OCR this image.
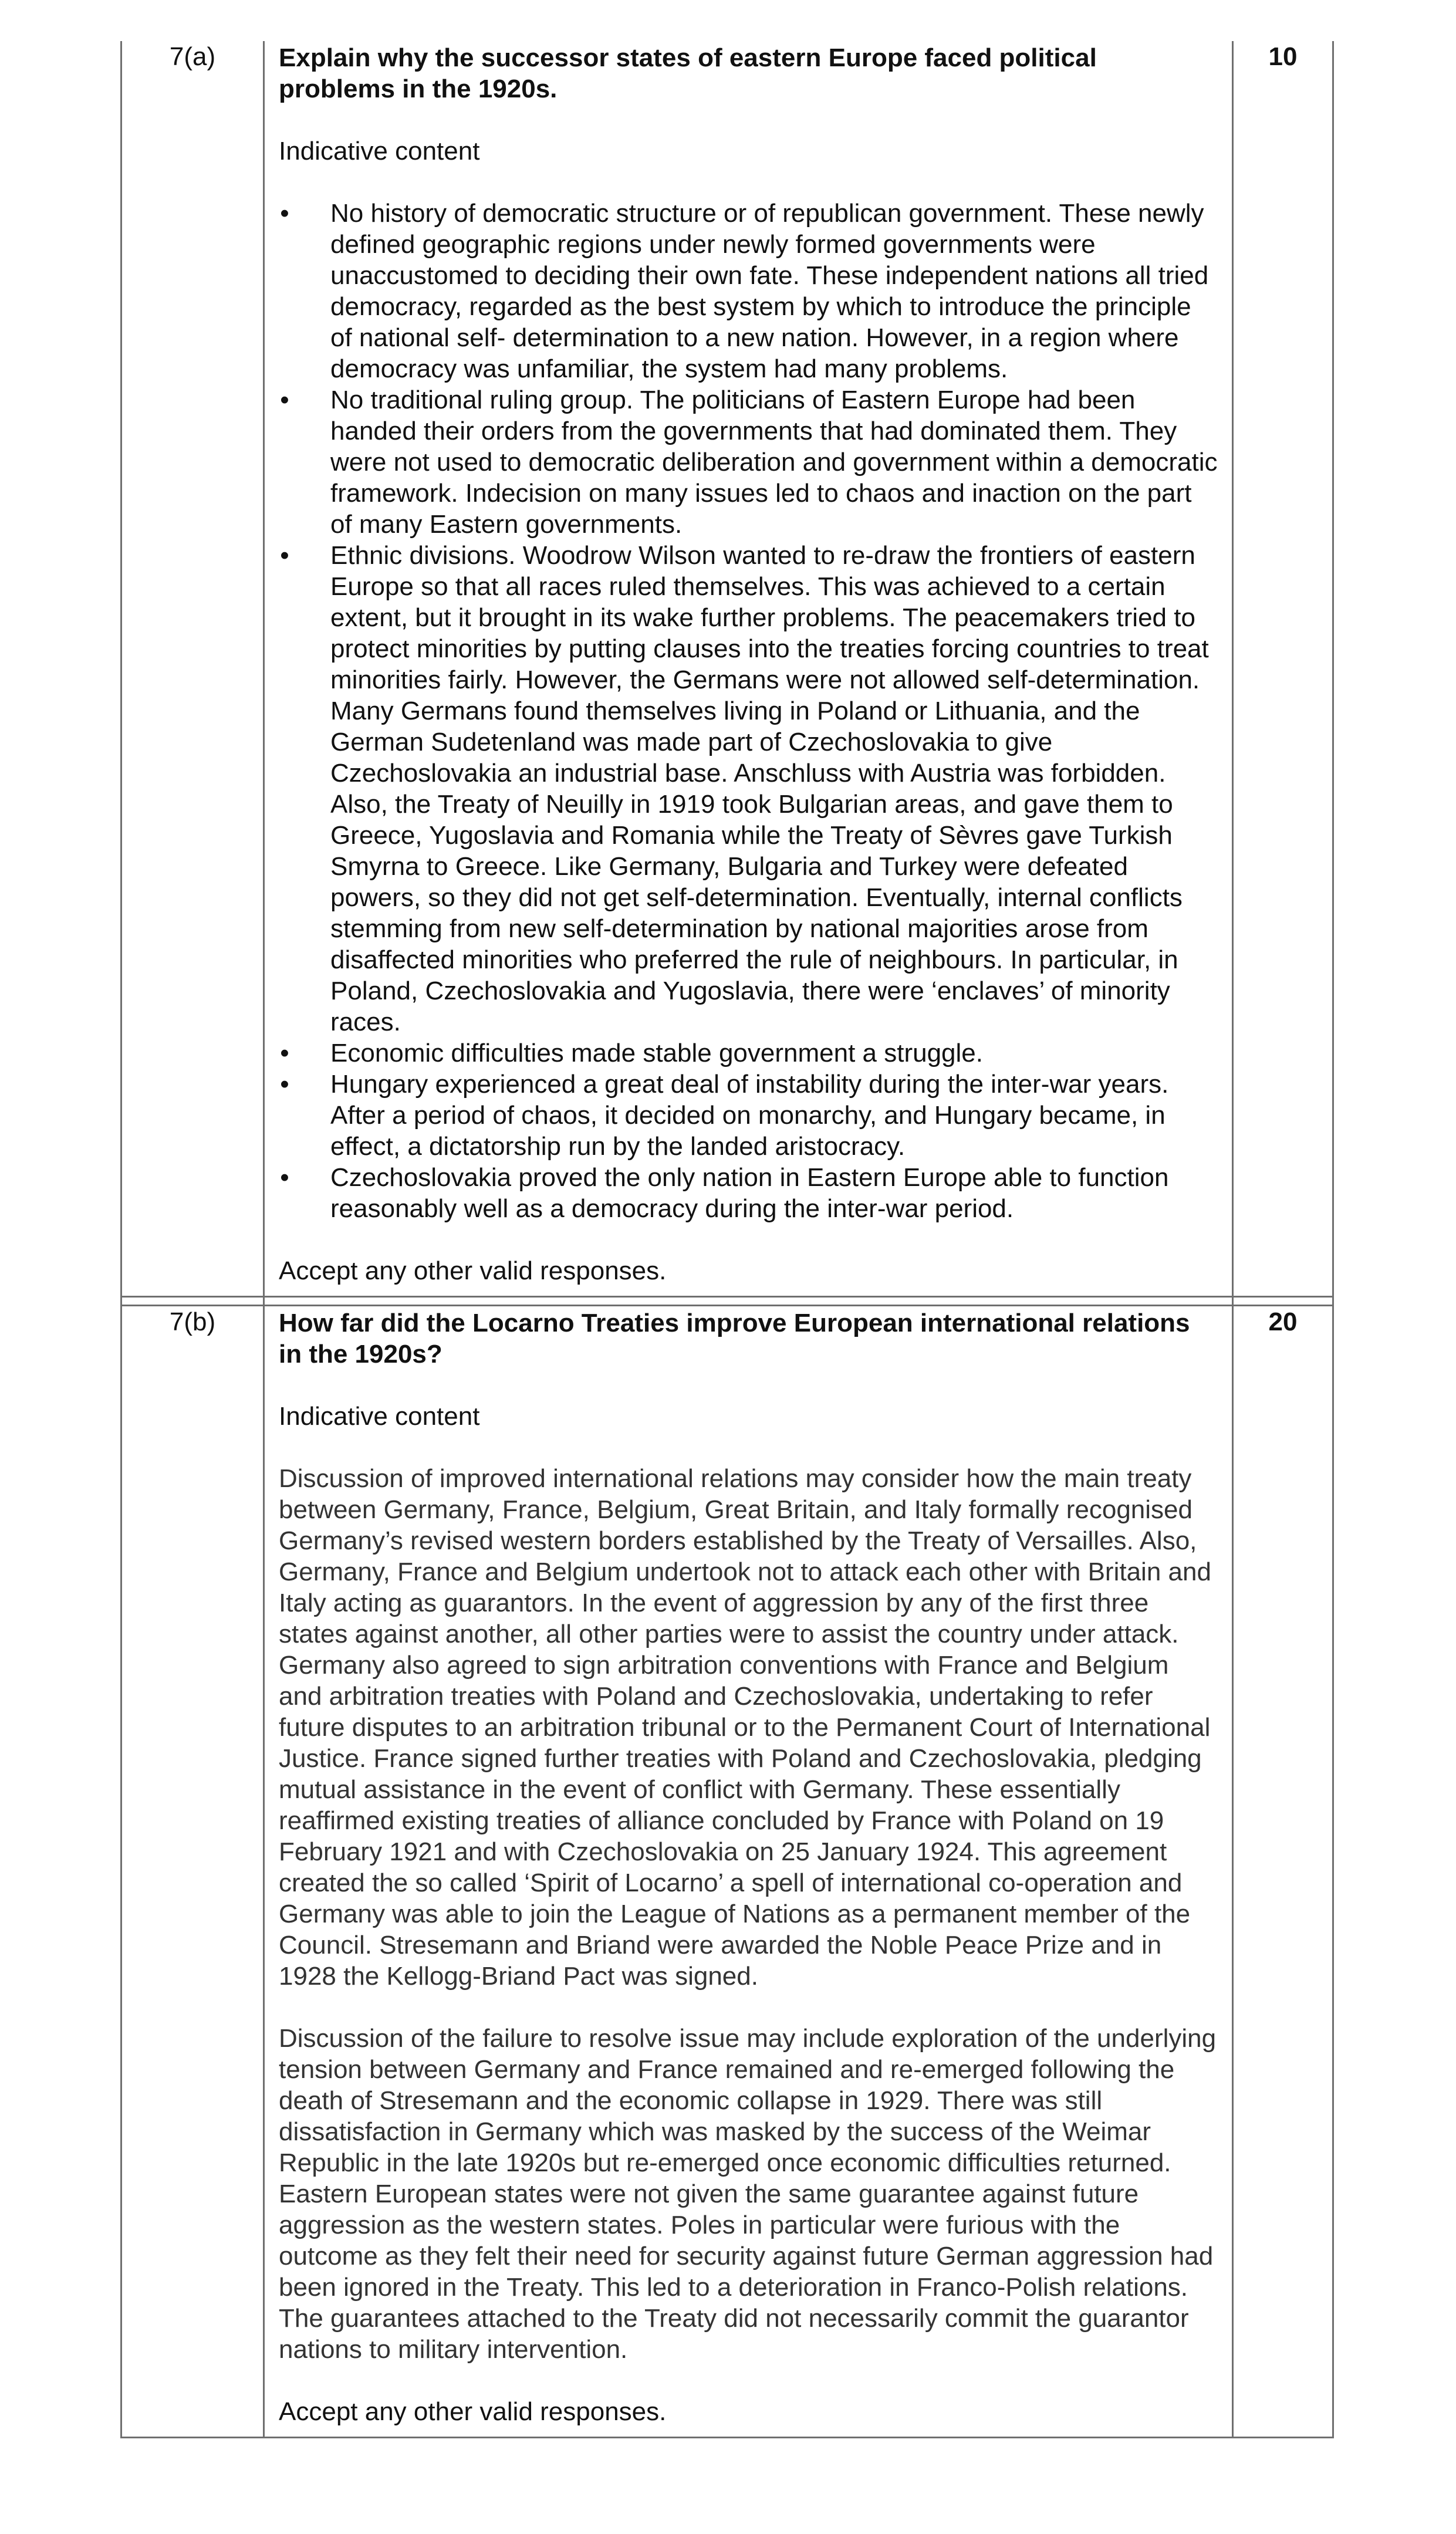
7(a)	Explain why the successor states of eastern Europe faced political problems in the 1920s.

Indicative content

• No history of democratic structure or of republican government. These newly defined geographic regions under newly formed governments were unaccustomed to deciding their own fate. These independent nations all tried democracy, regarded as the best system by which to introduce the principle of national self- determination to a new nation. However, in a region where democracy was unfamiliar, the system had many problems.
• No traditional ruling group. The politicians of Eastern Europe had been handed their orders from the governments that had dominated them. They were not used to democratic deliberation and government within a democratic framework. Indecision on many issues led to chaos and inaction on the part of many Eastern governments.
• Ethnic divisions. Woodrow Wilson wanted to re-draw the frontiers of eastern Europe so that all races ruled themselves. This was achieved to a certain extent, but it brought in its wake further problems. The peacemakers tried to protect minorities by putting clauses into the treaties forcing countries to treat minorities fairly. However, the Germans were not allowed self-determination. Many Germans found themselves living in Poland or Lithuania, and the German Sudetenland was made part of Czechoslovakia to give Czechoslovakia an industrial base. Anschluss with Austria was forbidden. Also, the Treaty of Neuilly in 1919 took Bulgarian areas, and gave them to Greece, Yugoslavia and Romania while the Treaty of Sèvres gave Turkish Smyrna to Greece. Like Germany, Bulgaria and Turkey were defeated powers, so they did not get self-determination. Eventually, internal conflicts stemming from new self-determination by national majorities arose from disaffected minorities who preferred the rule of neighbours. In particular, in Poland, Czechoslovakia and Yugoslavia, there were ‘enclaves’ of minority races.
• Economic difficulties made stable government a struggle.
• Hungary experienced a great deal of instability during the inter-war years. After a period of chaos, it decided on monarchy, and Hungary became, in effect, a dictatorship run by the landed aristocracy.
• Czechoslovakia proved the only nation in Eastern Europe able to function reasonably well as a democracy during the inter-war period.

Accept any other valid responses.

10
7(b)	How far did the Locarno Treaties improve European international relations in the 1920s?

Indicative content

Discussion of improved international relations may consider how the main treaty between Germany, France, Belgium, Great Britain, and Italy formally recognised Germany’s revised western borders established by the Treaty of Versailles. Also, Germany, France and Belgium undertook not to attack each other with Britain and Italy acting as guarantors. In the event of aggression by any of the first three states against another, all other parties were to assist the country under attack. Germany also agreed to sign arbitration conventions with France and Belgium and arbitration treaties with Poland and Czechoslovakia, undertaking to refer future disputes to an arbitration tribunal or to the Permanent Court of International Justice. France signed further treaties with Poland and Czechoslovakia, pledging mutual assistance in the event of conflict with Germany. These essentially reaffirmed existing treaties of alliance concluded by France with Poland on 19 February 1921 and with Czechoslovakia on 25 January 1924. This agreement created the so called ‘Spirit of Locarno’ a spell of international co-operation and Germany was able to join the League of Nations as a permanent member of the Council. Stresemann and Briand were awarded the Noble Peace Prize and in 1928 the Kellogg-Briand Pact was signed.

Discussion of the failure to resolve issue may include exploration of the underlying tension between Germany and France remained and re-emerged following the death of Stresemann and the economic collapse in 1929. There was still dissatisfaction in Germany which was masked by the success of the Weimar Republic in the late 1920s but re-emerged once economic difficulties returned. Eastern European states were not given the same guarantee against future aggression as the western states. Poles in particular were furious with the outcome as they felt their need for security against future German aggression had been ignored in the Treaty. This led to a deterioration in Franco-Polish relations. The guarantees attached to the Treaty did not necessarily commit the guarantor nations to military intervention.

Accept any other valid responses.

20
